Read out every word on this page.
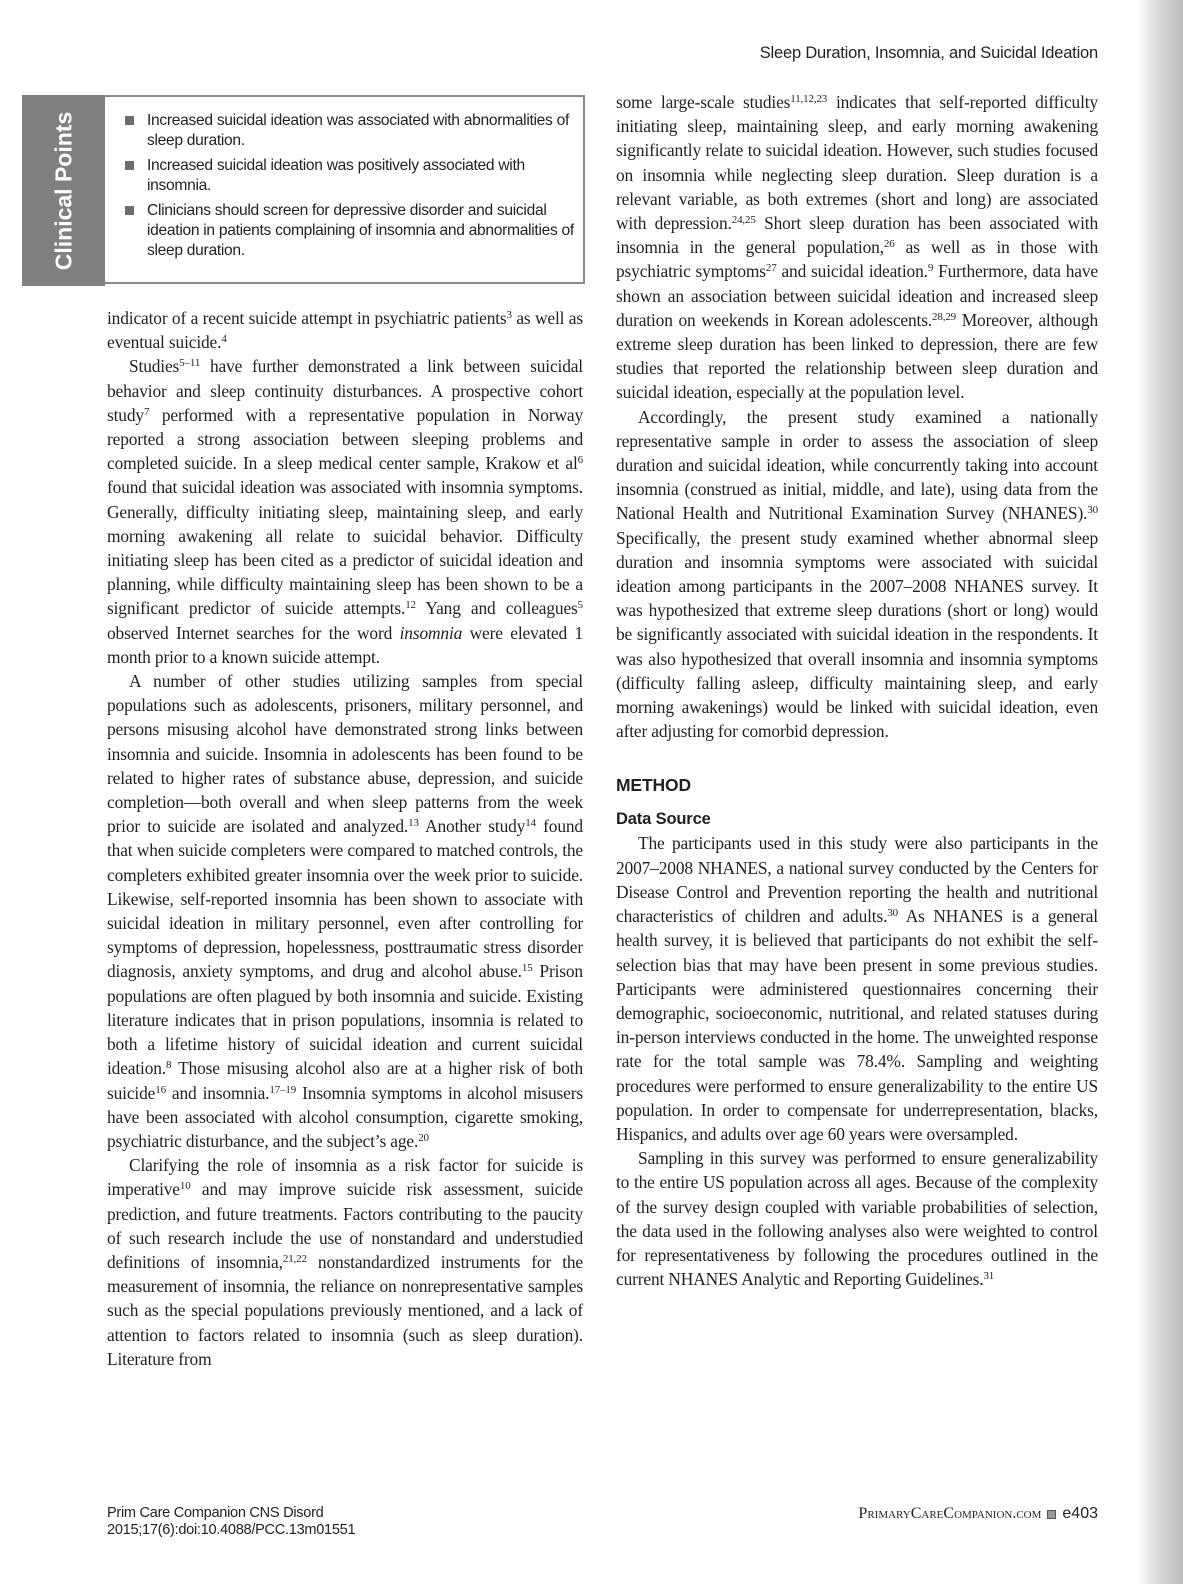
Sleep Duration, Insomnia, and Suicidal Ideation
Clinical Points	Increased suicidal ideation was associated with abnormalities of sleep duration.
Increased suicidal ideation was positively associated with insomnia.
Clinicians should screen for depressive disorder and suicidal ideation in patients complaining of insomnia and abnormalities of sleep duration.

indicator of a recent suicide attempt in psychiatric patients$^3$ as well as eventual suicide.$^4$

Studies$^{5-11}$ have further demonstrated a link between suicidal behavior and sleep continuity disturbances. A prospective cohort study$^7$ performed with a representative population in Norway reported a strong association between sleeping problems and completed suicide. In a sleep medical center sample, Krakow et $al^6$ found that suicidal ideation was associated with insomnia symptoms. Generally, difficulty initiating sleep, maintaining sleep, and early morning awakening all relate to suicidal behavior. Difficulty initiating sleep has been cited as a predictor of suicidal ideation and planning, while difficulty maintaining sleep has been shown to be a significant predictor of suicide attempts.$^{12}$ Yang and colleagues$^5$ observed Internet searches for the word insomnia were elevated 1 month prior to a known suicide attempt.

A number of other studies utilizing samples from special populations such as adolescents, prisoners, military personnel, and persons misusing alcohol have demonstrated strong links between insomnia and suicide. Insomnia in adolescents has been found to be related to higher rates of substance abuse, depression, and suicide completion—both overall and when sleep patterns from the week prior to suicide are isolated and analyzed.$^{13}$ Another study$^{14}$ found that when suicide completers were compared to matched controls, the completers exhibited greater insomnia over the week prior to suicide. Likewise, self-reported insomnia has been shown to associate with suicidal ideation in military personnel, even after controlling for symptoms of depression, hopelessness, posttraumatic stress disorder diagnosis, anxiety symptoms, and drug and alcohol abuse.$^{15}$ Prison populations are often plagued by both insomnia and suicide. Existing literature indicates that in prison populations, insomnia is related to both a lifetime history of suicidal ideation and current suicidal ideation.$^8$ Those misusing alcohol also are at a higher risk of both suicide$^{16}$ and insomnia.$^{17-19}$ Insomnia symptoms in alcohol misusers have been associated with alcohol consumption, cigarette smoking, psychiatric disturbance, and the subject’s age.$^{20}$

Clarifying the role of insomnia as a risk factor for suicide is imperative$^{10}$ and may improve suicide risk assessment, suicide prediction, and future treatments. Factors contributing to the paucity of such research include the use of nonstandard and understudied definitions of insomnia,$^{21,22}$ nonstandardized instruments for the measurement of insomnia, the reliance on nonrepresentative samples such as the special populations previously mentioned, and a lack of attention to factors related to insomnia (such as sleep duration). Literature from

some large-scale studies$^{11,12,23}$ indicates that self-reported difficulty initiating sleep, maintaining sleep, and early morning awakening significantly relate to suicidal ideation. However, such studies focused on insomnia while neglecting sleep duration. Sleep duration is a relevant variable, as both extremes (short and long) are associated with depression.$^{24,25}$ Short sleep duration has been associated with insomnia in the general population,$^{26}$ as well as in those with psychiatric symptoms$^{27}$ and suicidal ideation.$^9$ Furthermore, data have shown an association between suicidal ideation and increased sleep duration on weekends in Korean adolescents.$^{28,29}$ Moreover, although extreme sleep duration has been linked to depression, there are few studies that reported the relationship between sleep duration and suicidal ideation, especially at the population level.

Accordingly, the present study examined a nationally representative sample in order to assess the association of sleep duration and suicidal ideation, while concurrently taking into account insomnia (construed as initial, middle, and late), using data from the National Health and Nutritional Examination Survey (NHANES).$^{30}$ Specifically, the present study examined whether abnormal sleep duration and insomnia symptoms were associated with suicidal ideation among participants in the 2007–2008 NHANES survey. It was hypothesized that extreme sleep durations (short or long) would be significantly associated with suicidal ideation in the respondents. It was also hypothesized that overall insomnia and insomnia symptoms (difficulty falling asleep, difficulty maintaining sleep, and early morning awakenings) would be linked with suicidal ideation, even after adjusting for comorbid depression.

METHOD
Data Source

The participants used in this study were also participants in the 2007–2008 NHANES, a national survey conducted by the Centers for Disease Control and Prevention reporting the health and nutritional characteristics of children and adults.$^{30}$ As NHANES is a general health survey, it is believed that participants do not exhibit the self-selection bias that may have been present in some previous studies. Participants were administered questionnaires concerning their demographic, socioeconomic, nutritional, and related statuses during in-person interviews conducted in the home. The unweighted response rate for the total sample was 78.4%. Sampling and weighting procedures were performed to ensure generalizability to the entire US population. In order to compensate for underrepresentation, blacks, Hispanics, and adults over age 60 years were oversampled.

Sampling in this survey was performed to ensure generalizability to the entire US population across all ages. Because of the complexity of the survey design coupled with variable probabilities of selection, the data used in the following analyses also were weighted to control for representativeness by following the procedures outlined in the current NHANES Analytic and Reporting Guidelines.$^{31}$

Prim Care Companion CNS Disord
2015;17(6):doi:10.4088/PCC.13m01551
PrimaryCareCompanion.com e403
